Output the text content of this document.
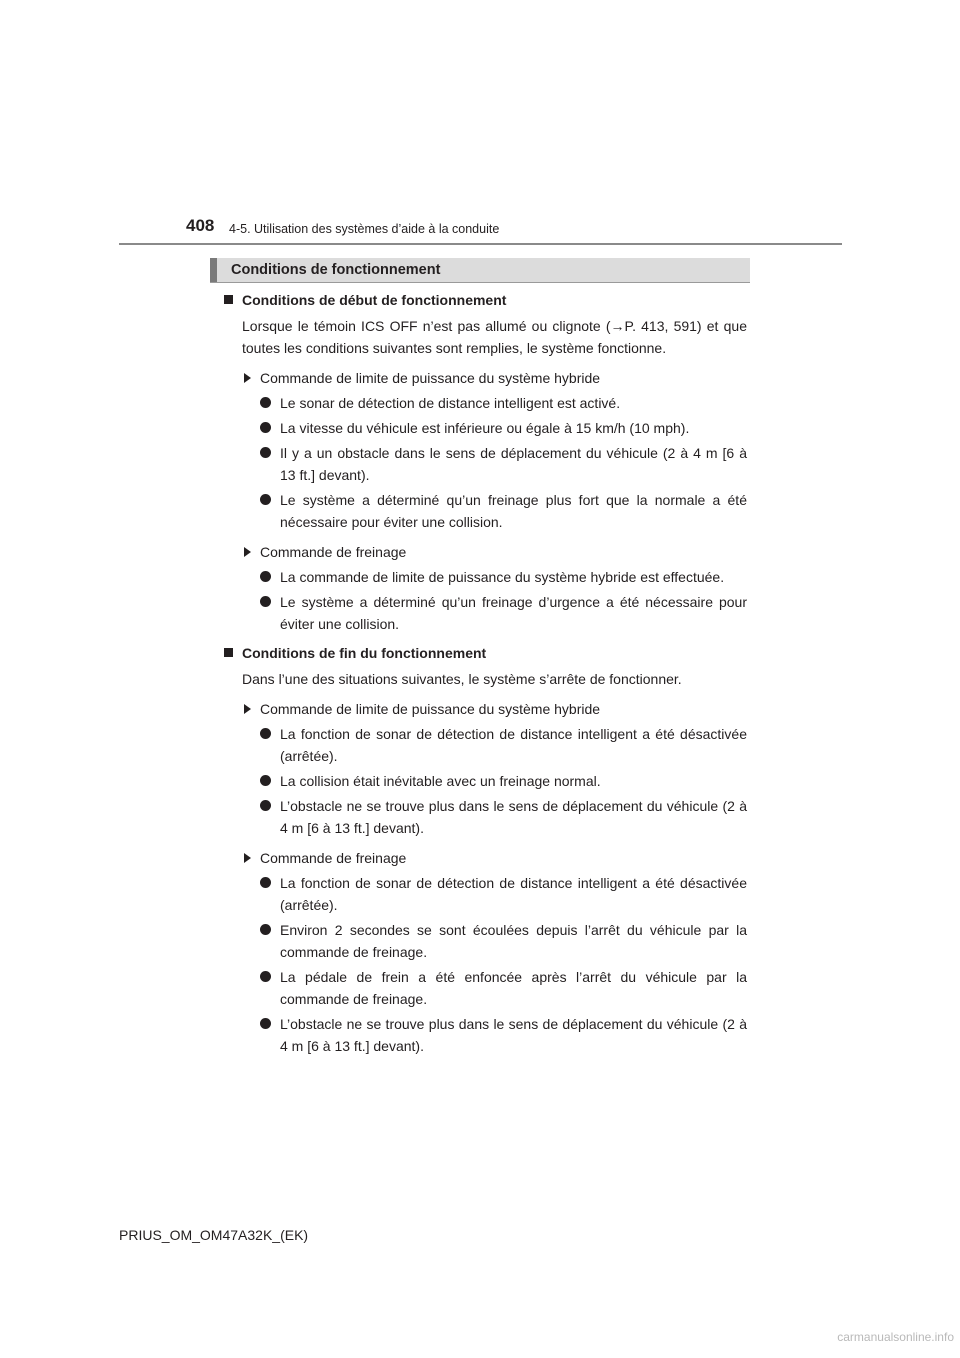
408 4-5. Utilisation des systèmes d’aide à la conduite
Conditions de fonctionnement
Conditions de début de fonctionnement
Lorsque le témoin ICS OFF n’est pas allumé ou clignote (→P. 413, 591) et que toutes les conditions suivantes sont remplies, le système fonctionne.
Commande de limite de puissance du système hybride
Le sonar de détection de distance intelligent est activé.
La vitesse du véhicule est inférieure ou égale à 15 km/h (10 mph).
Il y a un obstacle dans le sens de déplacement du véhicule (2 à 4 m [6 à 13 ft.] devant).
Le système a déterminé qu’un freinage plus fort que la normale a été nécessaire pour éviter une collision.
Commande de freinage
La commande de limite de puissance du système hybride est effectuée.
Le système a déterminé qu’un freinage d’urgence a été nécessaire pour éviter une collision.
Conditions de fin du fonctionnement
Dans l’une des situations suivantes, le système s’arrête de fonctionner.
Commande de limite de puissance du système hybride
La fonction de sonar de détection de distance intelligent a été désactivée (arrêtée).
La collision était inévitable avec un freinage normal.
L’obstacle ne se trouve plus dans le sens de déplacement du véhicule (2 à 4 m [6 à 13 ft.] devant).
Commande de freinage
La fonction de sonar de détection de distance intelligent a été désactivée (arrêtée).
Environ 2 secondes se sont écoulées depuis l’arrêt du véhicule par la commande de freinage.
La pédale de frein a été enfoncée après l’arrêt du véhicule par la commande de freinage.
L’obstacle ne se trouve plus dans le sens de déplacement du véhicule (2 à 4 m [6 à 13 ft.] devant).
PRIUS_OM_OM47A32K_(EK)
carmanualsonline.info
